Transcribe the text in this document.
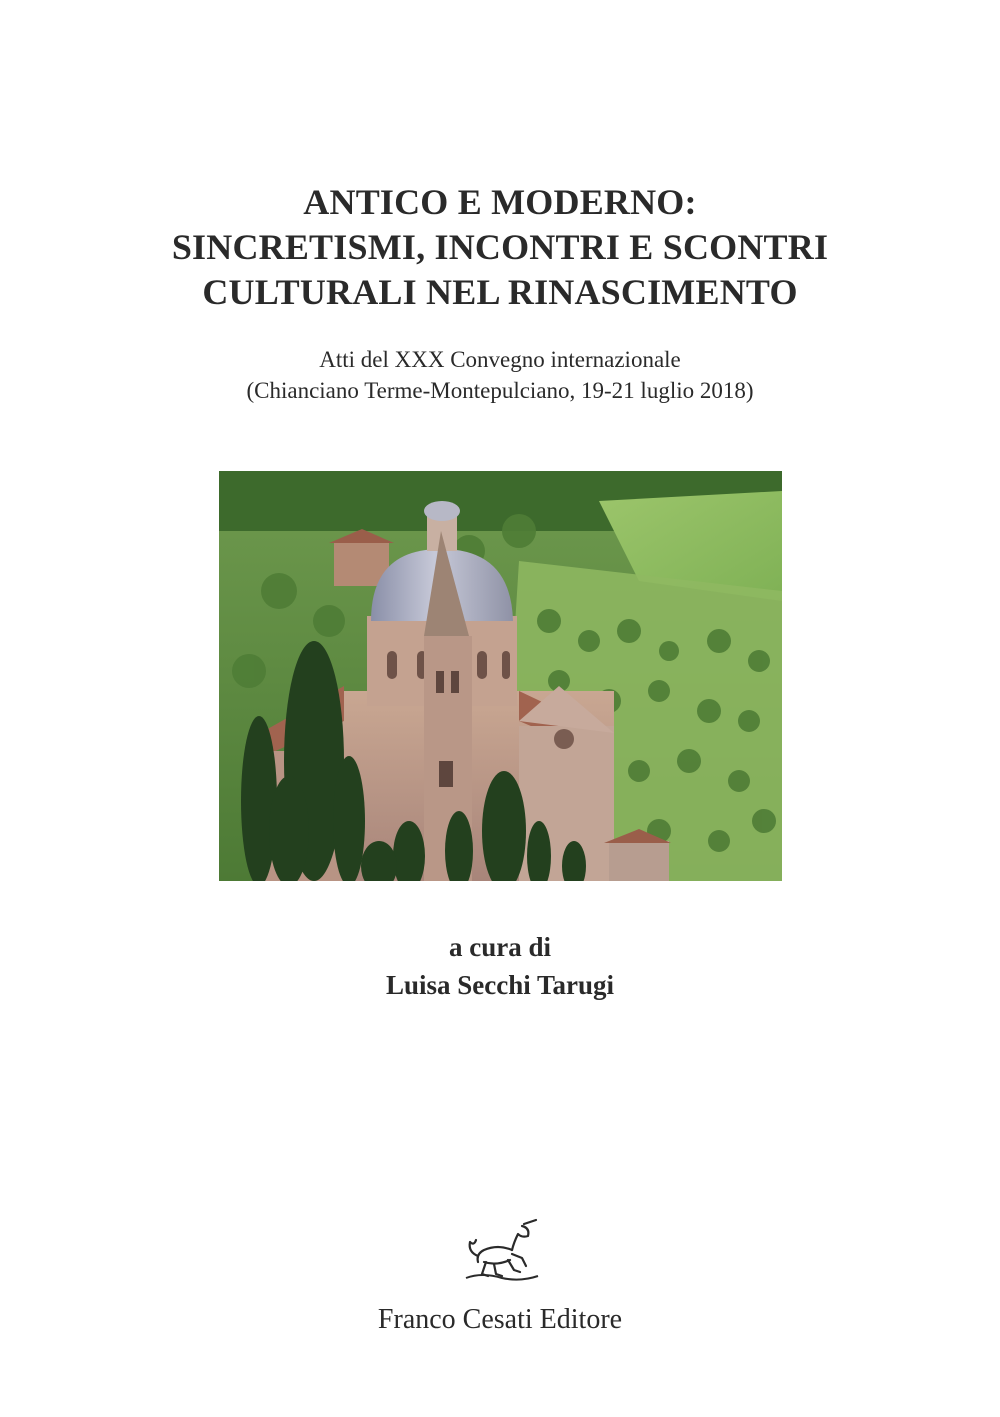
ANTICO E MODERNO:
SINCRETISMI, INCONTRI E SCONTRI
CULTURALI NEL RINASCIMENTO

Atti del XXX Convegno internazionale
(Chianciano Terme-Montepulciano, 19-21 luglio 2018)

a cura di
Luisa Secchi Tarugi
Franco Cesati Editore
